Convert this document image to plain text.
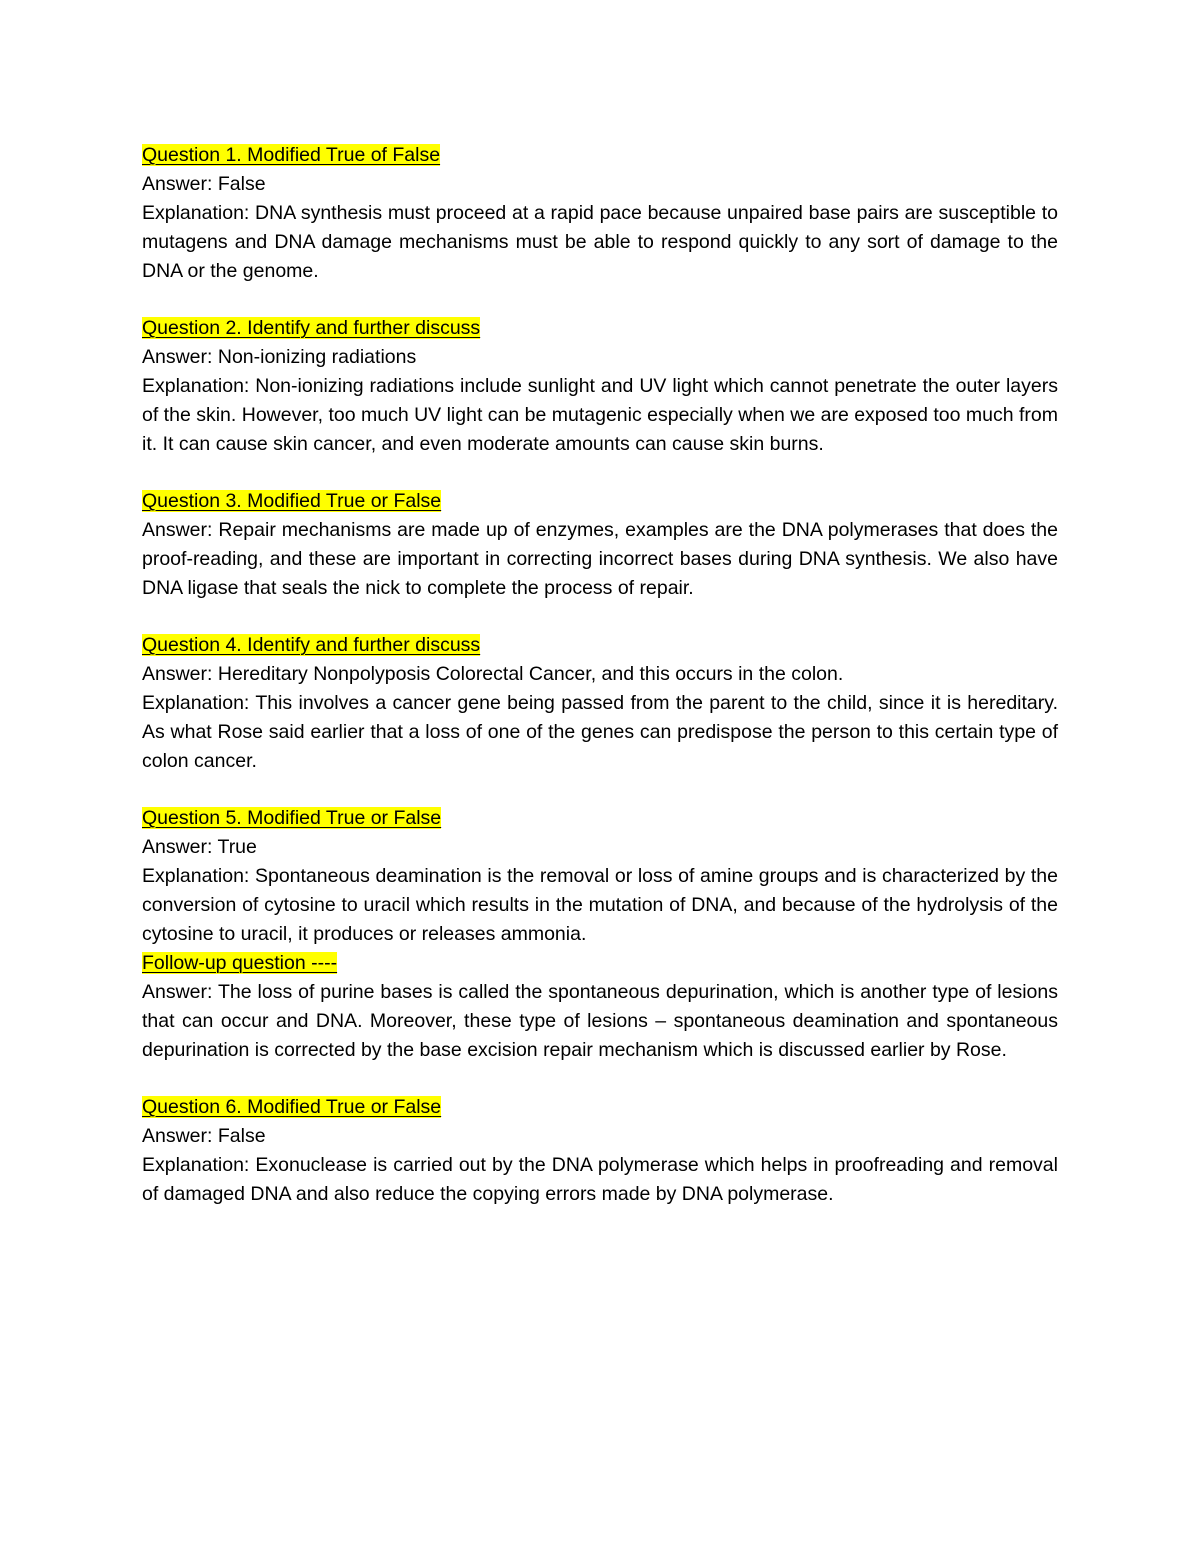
Question 1. Modified True of False

Answer: False

Explanation: DNA synthesis must proceed at a rapid pace because unpaired base pairs are susceptible to mutagens and DNA damage mechanisms must be able to respond quickly to any sort of damage to the DNA or the genome.

Question 2. Identify and further discuss

Answer: Non-ionizing radiations

Explanation: Non-ionizing radiations include sunlight and UV light which cannot penetrate the outer layers of the skin. However, too much UV light can be mutagenic especially when we are exposed too much from it. It can cause skin cancer, and even moderate amounts can cause skin burns.

Question 3. Modified True or False

Answer: Repair mechanisms are made up of enzymes, examples are the DNA polymerases that does the proof-reading, and these are important in correcting incorrect bases during DNA synthesis. We also have DNA ligase that seals the nick to complete the process of repair.

Question 4. Identify and further discuss

Answer: Hereditary Nonpolyposis Colorectal Cancer, and this occurs in the colon.

Explanation: This involves a cancer gene being passed from the parent to the child, since it is hereditary. As what Rose said earlier that a loss of one of the genes can predispose the person to this certain type of colon cancer.

Question 5. Modified True or False

Answer: True

Explanation: Spontaneous deamination is the removal or loss of amine groups and is characterized by the conversion of cytosine to uracil which results in the mutation of DNA, and because of the hydrolysis of the cytosine to uracil, it produces or releases ammonia.

Follow-up question ----

Answer: The loss of purine bases is called the spontaneous depurination, which is another type of lesions that can occur and DNA. Moreover, these type of lesions – spontaneous deamination and spontaneous depurination is corrected by the base excision repair mechanism which is discussed earlier by Rose.

Question 6. Modified True or False

Answer: False

Explanation: Exonuclease is carried out by the DNA polymerase which helps in proofreading and removal of damaged DNA and also reduce the copying errors made by DNA polymerase.
